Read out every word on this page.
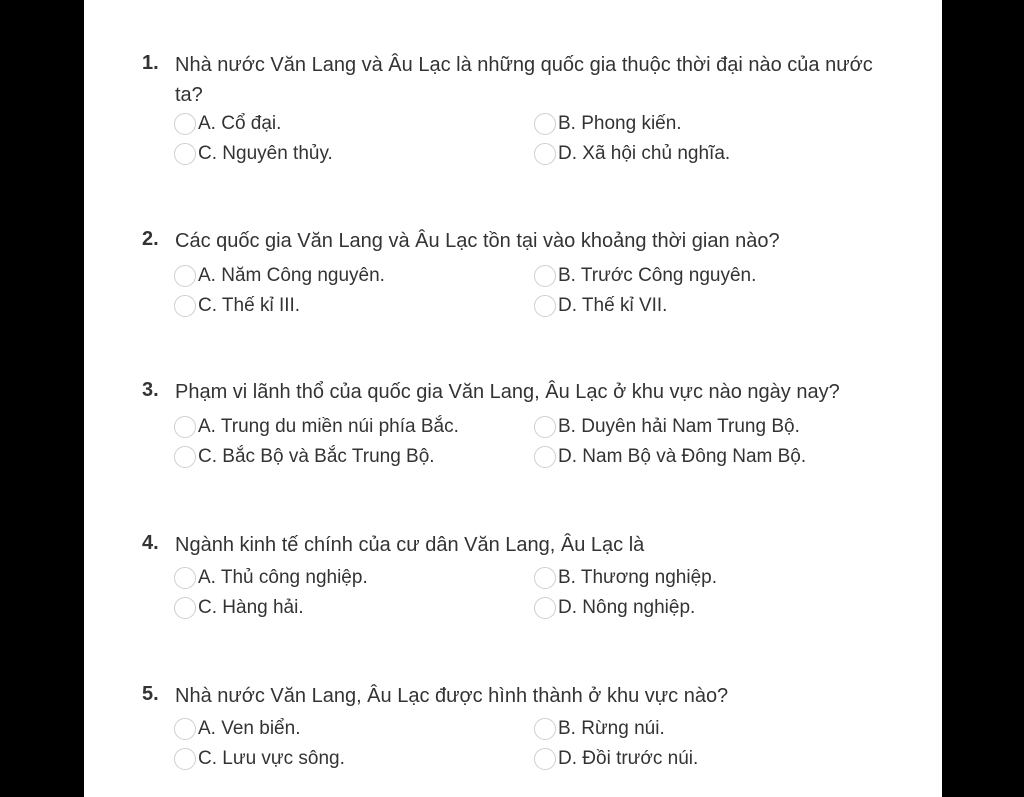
1. Nhà nước Văn Lang và Âu Lạc là những quốc gia thuộc thời đại nào của nước ta?
A. Cổ đại.	B. Phong kiến.
C. Nguyên thủy.	D. Xã hội chủ nghĩa.
2. Các quốc gia Văn Lang và Âu Lạc tồn tại vào khoảng thời gian nào?
A. Năm Công nguyên.	B. Trước Công nguyên.
C. Thế kỉ III.	D. Thế kỉ VII.
3. Phạm vi lãnh thổ của quốc gia Văn Lang, Âu Lạc ở khu vực nào ngày nay?
A. Trung du miền núi phía Bắc.	B. Duyên hải Nam Trung Bộ.
C. Bắc Bộ và Bắc Trung Bộ.	D. Nam Bộ và Đông Nam Bộ.
4. Ngành kinh tế chính của cư dân Văn Lang, Âu Lạc là
A. Thủ công nghiệp.	B. Thương nghiệp.
C. Hàng hải.	D. Nông nghiệp.
5. Nhà nước Văn Lang, Âu Lạc được hình thành ở khu vực nào?
A. Ven biển.	B. Rừng núi.
C. Lưu vực sông.	D. Đồi trước núi.
